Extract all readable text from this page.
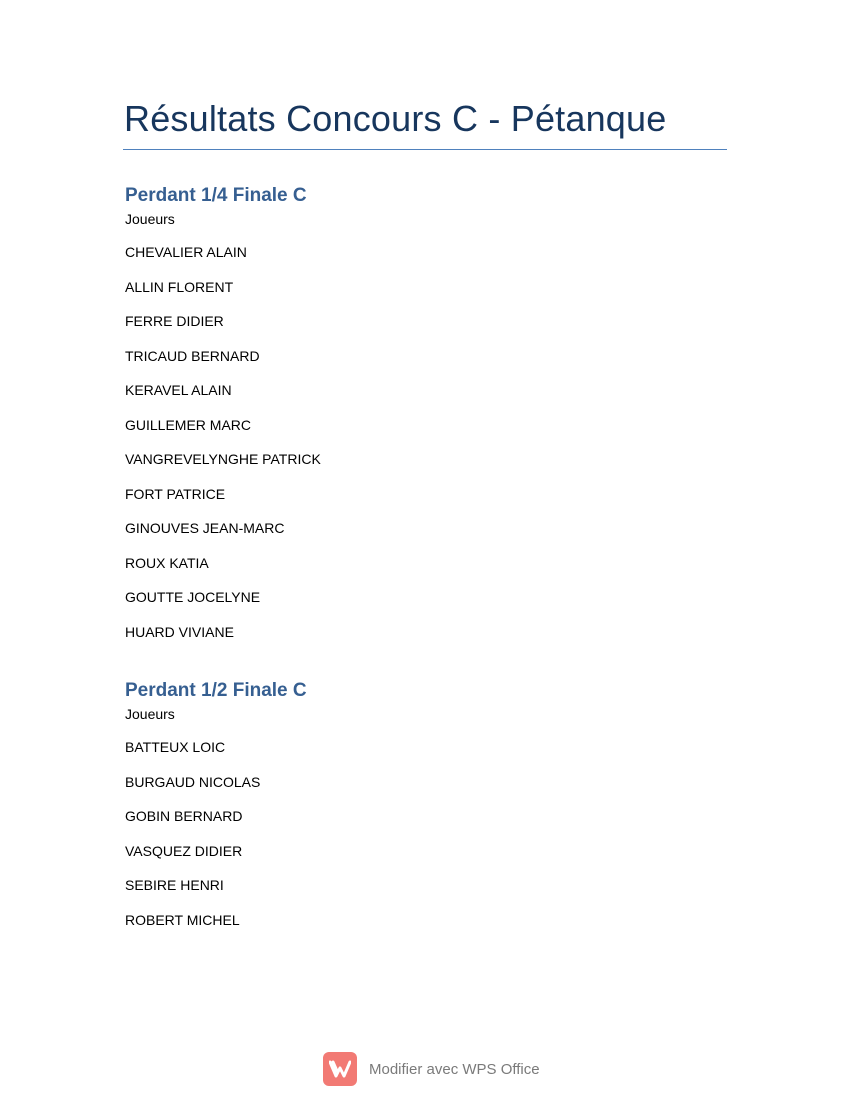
Résultats Concours C - Pétanque
Perdant 1/4 Finale C
Joueurs
CHEVALIER ALAIN
ALLIN FLORENT
FERRE DIDIER
TRICAUD BERNARD
KERAVEL ALAIN
GUILLEMER MARC
VANGREVELYNGHE PATRICK
FORT PATRICE
GINOUVES JEAN-MARC
ROUX KATIA
GOUTTE JOCELYNE
HUARD VIVIANE
Perdant 1/2 Finale C
Joueurs
BATTEUX LOIC
BURGAUD NICOLAS
GOBIN BERNARD
VASQUEZ DIDIER
SEBIRE HENRI
ROBERT MICHEL
Modifier avec WPS Office
